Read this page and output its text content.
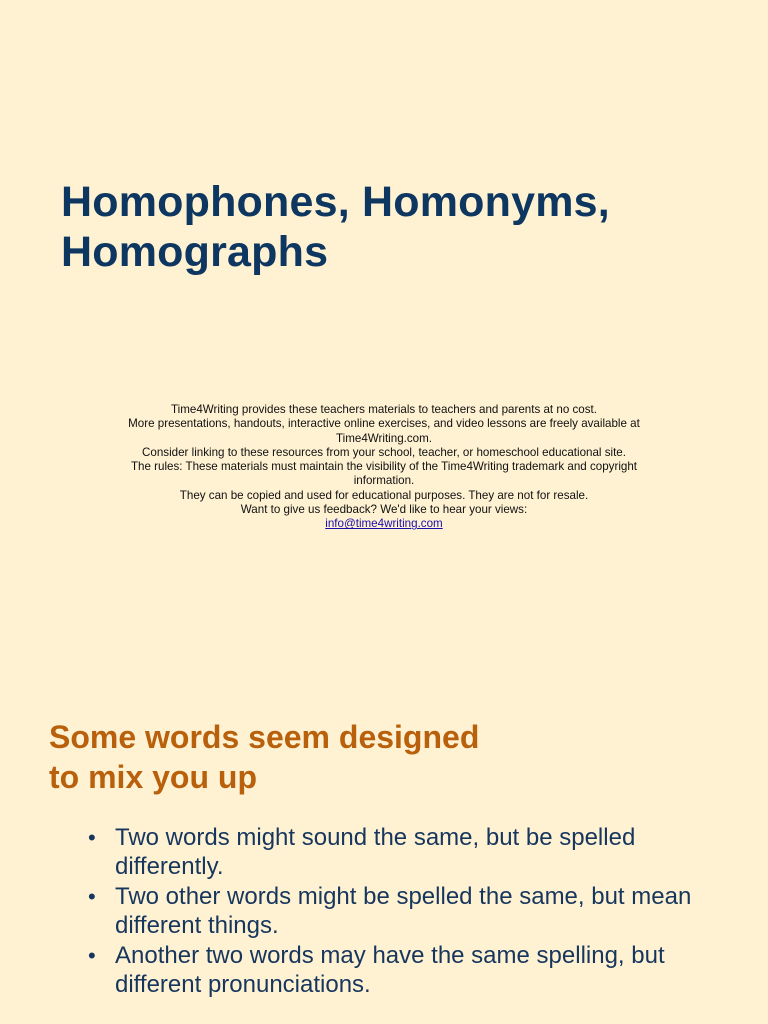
Homophones, Homonyms,
Homographs
Time4Writing provides these teachers materials to teachers and parents at no cost.
More presentations, handouts, interactive online exercises, and video lessons are freely available at
Time4Writing.com.
Consider linking to these resources from your school, teacher, or homeschool educational site.
The rules: These materials must maintain the visibility of the Time4Writing trademark and copyright
information.
They can be copied and used for educational purposes. They are not for resale.
Want to give us feedback? We'd like to hear your views:
info@time4writing.com
Some words seem designed
to mix you up
• Two words might sound the same, but be spelled differently.
• Two other words might be spelled the same, but mean different things.
• Another two words may have the same spelling, but different pronunciations.
